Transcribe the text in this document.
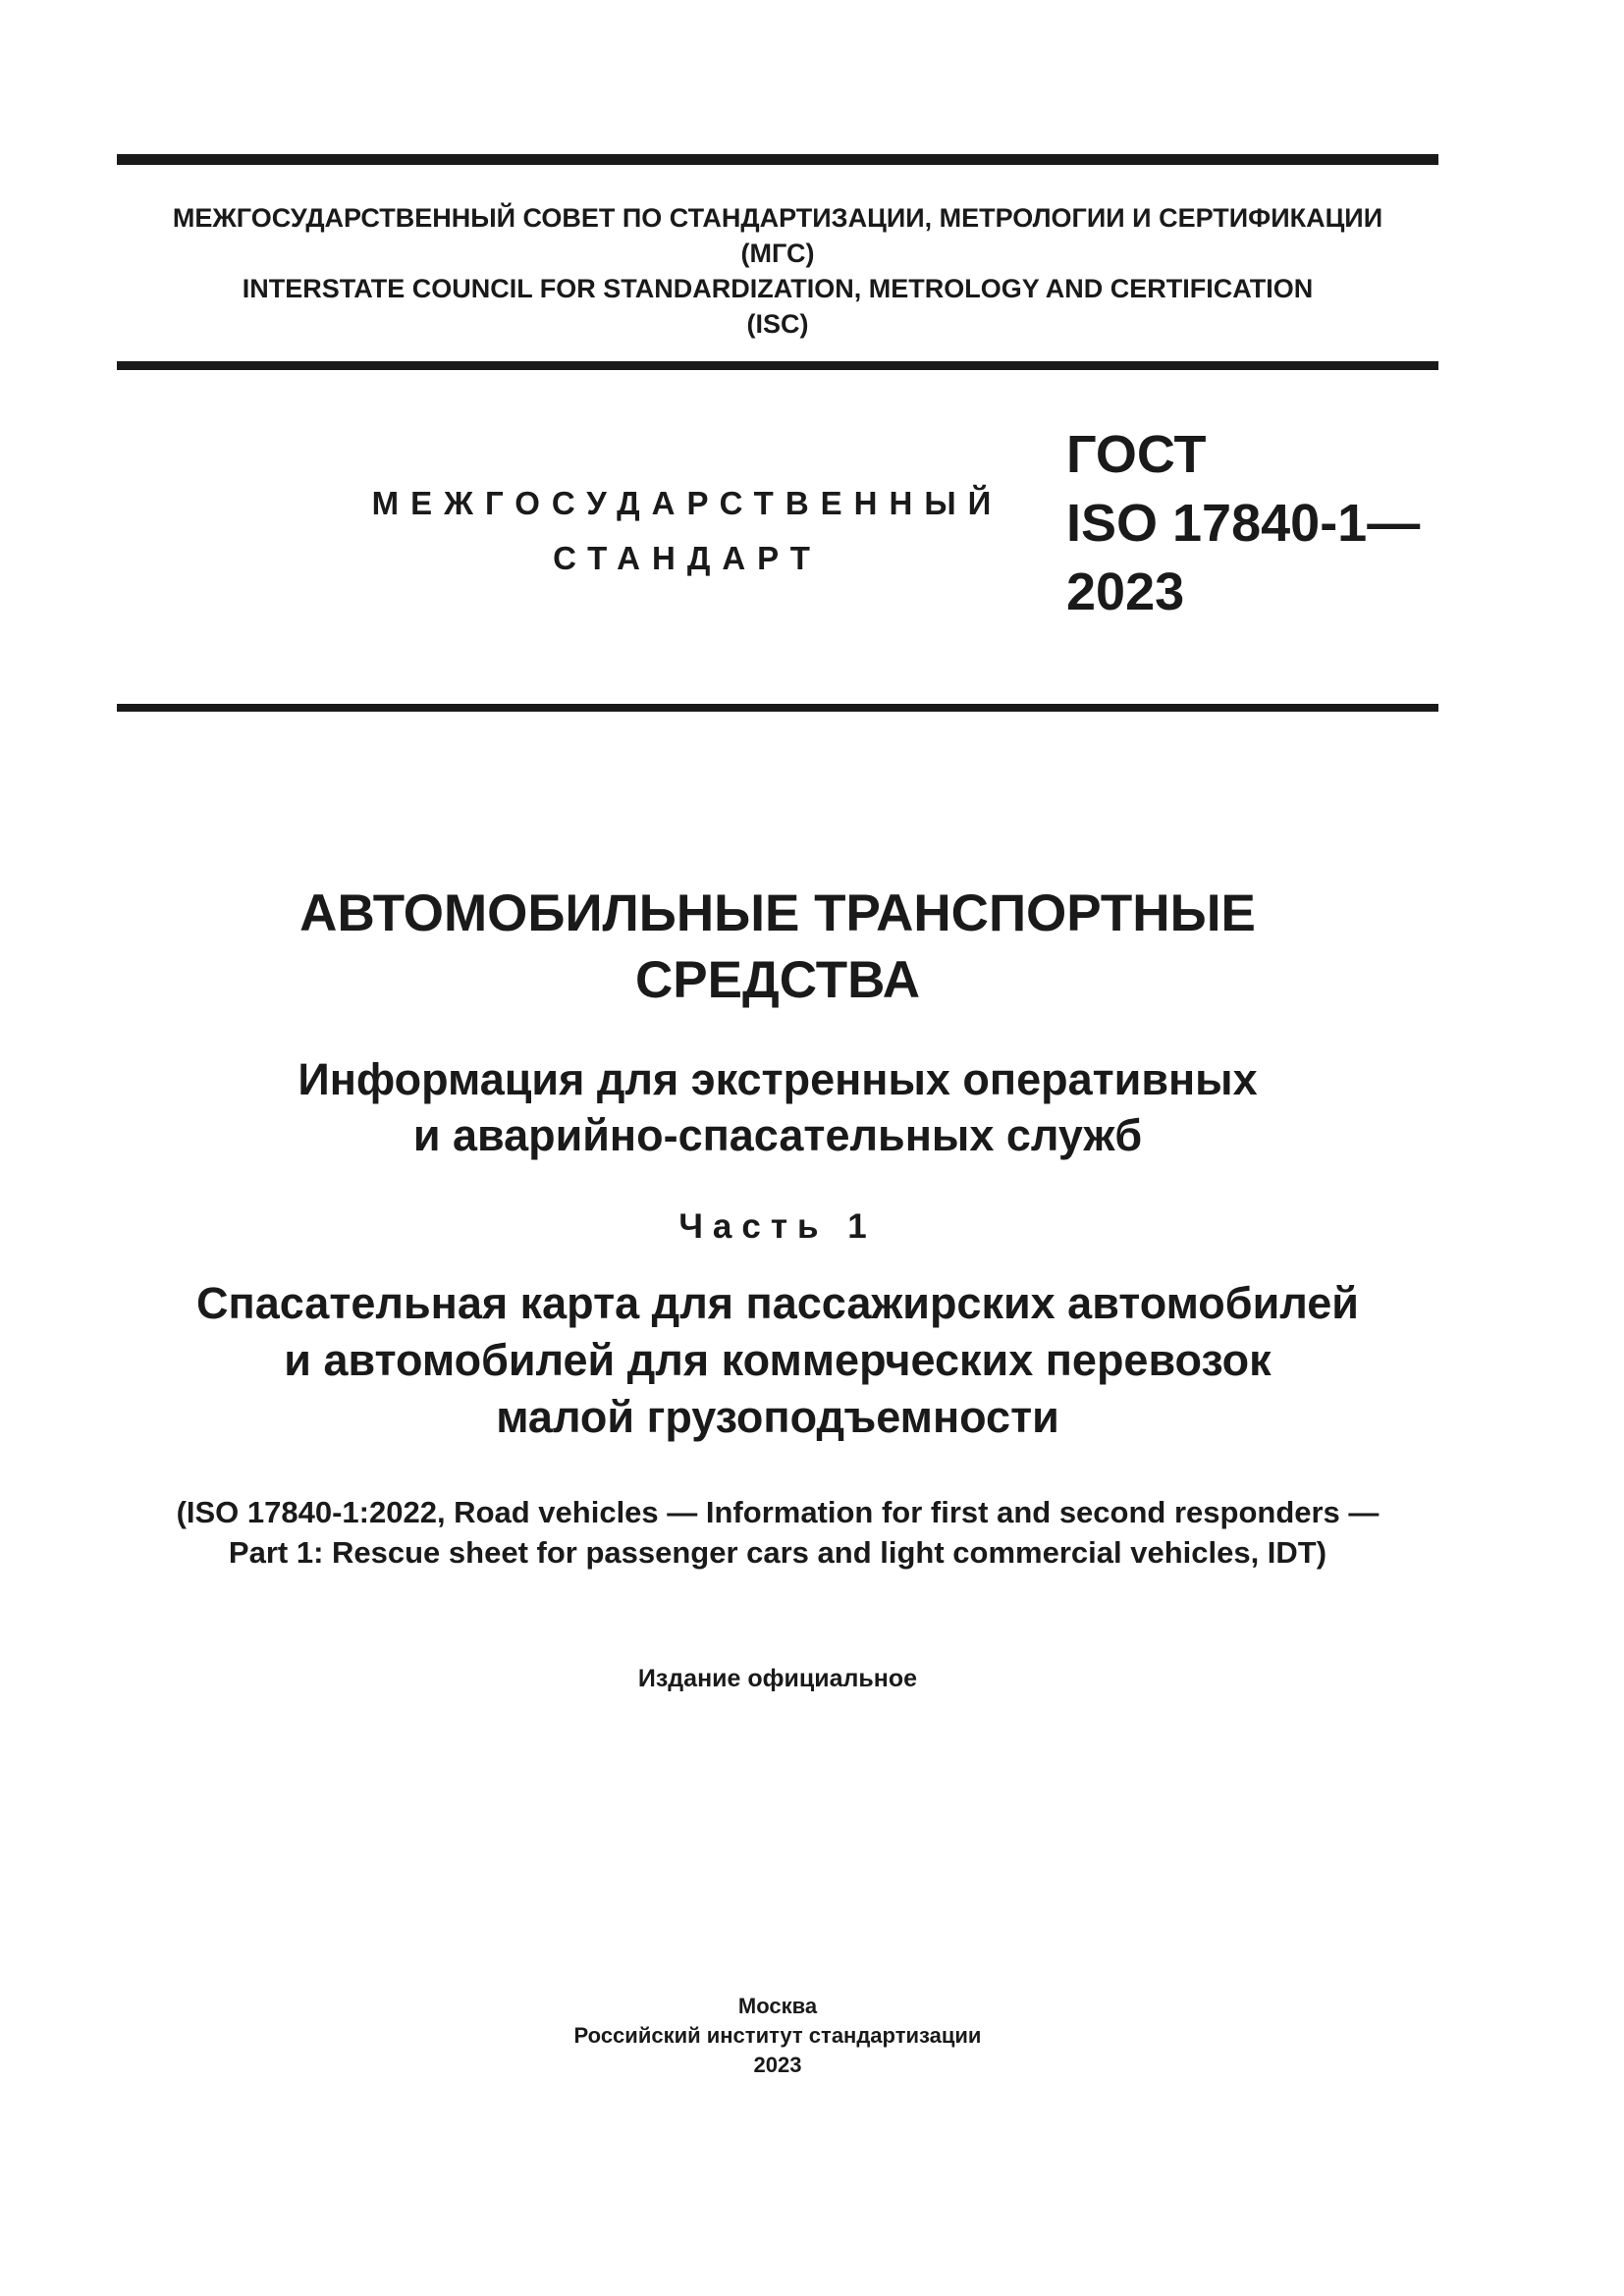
МЕЖГОСУДАРСТВЕННЫЙ СОВЕТ ПО СТАНДАРТИЗАЦИИ, МЕТРОЛОГИИ И СЕРТИФИКАЦИИ
(МГС)
INTERSTATE COUNCIL FOR STANDARDIZATION, METROLOGY AND CERTIFICATION
(ISC)
МЕЖГОСУДАРСТВЕННЫЙ
СТАНДАРТ
ГОСТ
ISO 17840-1—
2023
АВТОМОБИЛЬНЫЕ ТРАНСПОРТНЫЕ
СРЕДСТВА
Информация для экстренных оперативных
и аварийно-спасательных служб
Часть 1
Спасательная карта для пассажирских автомобилей
и автомобилей для коммерческих перевозок
малой грузоподъемности
(ISO 17840-1:2022, Road vehicles — Information for first and second responders —
Part 1: Rescue sheet for passenger cars and light commercial vehicles, IDT)
Издание официальное
Москва
Российский институт стандартизации
2023
